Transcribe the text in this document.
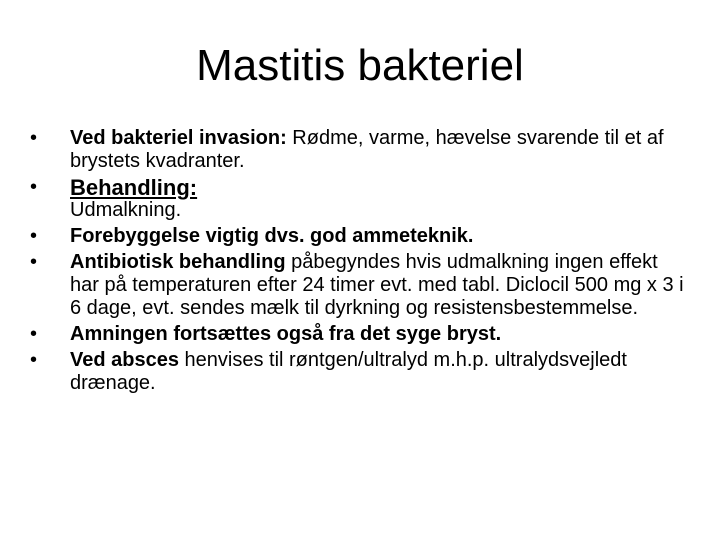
Mastitis bakteriel
•	Ved bakteriel invasion: Rødme, varme, hævelse svarende til et af brystets kvadranter.
•	Behandling:
Udmalkning.
•	Forebyggelse vigtig dvs. god ammeteknik.
•	Antibiotisk behandling påbegyndes hvis udmalkning ingen effekt har på temperaturen efter 24 timer evt. med tabl. Diclocil 500 mg x 3 i 6 dage, evt. sendes mælk til dyrkning og resistensbestemmelse.
•	Amningen fortsættes også fra det syge bryst.
•	Ved absces henvises til røntgen/ultralyd m.h.p. ultralydsvejledt drænage.
